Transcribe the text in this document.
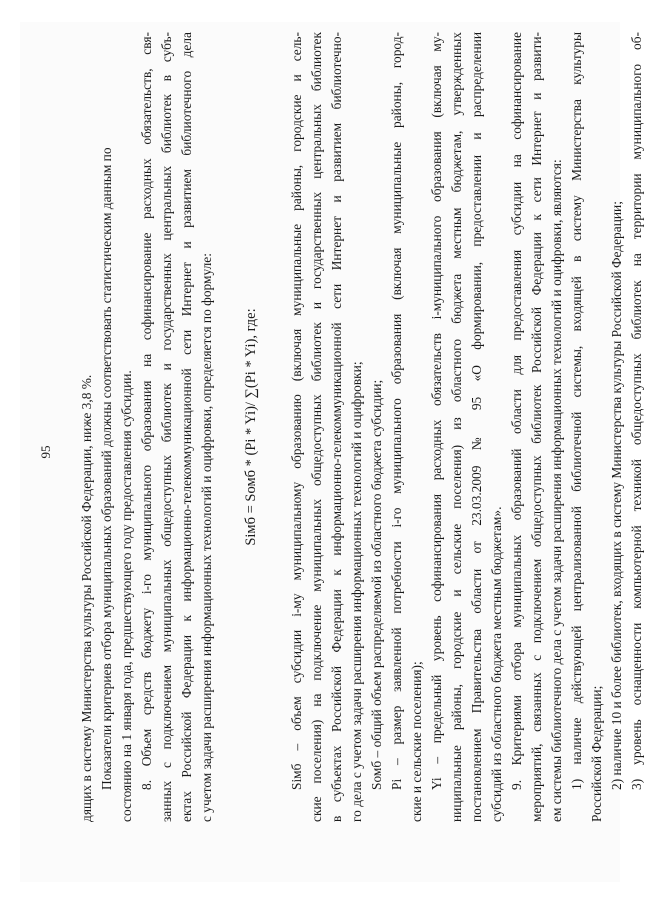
95 дящих в систему Министерства культуры Российской Федерации, ниже 3,8 %. Показатели критериев отбора муниципальных образований должны соответствовать статистическим данным по состоянию на 1 января года, предшествующего году предоставления субсидии. 8. Объем средств бюджету i-го муниципального образования на софинансирование расходных обязательств, свя- занных с подключением муниципальных общедоступных библиотек и государственных центральных библиотек в субъ- ектах Российской Федерации к информационно-телекоммуникационной сети Интернет и развитием библиотечного дела с учетом задачи расширения информационных технологий и оцифровки, определяется по формуле: Sімб = Sомб * (Pi * Yi)/ ∑(Pi * Yi), где: Sімб – объем субсидии i-му муниципальному образованию (включая муниципальные районы, городские и сель- ские поселения) на подключение муниципальных общедоступных библиотек и государственных центральных библиотек в субъектах Российской Федерации к информационно-телекоммуникационной сети Интернет и развитием библиотечно- го дела с учетом задачи расширения информационных технологий и оцифровки; Sомб – общий объем распределяемой из областного бюджета субсидии; Pi – размер заявленной потребности i-го муниципального образования (включая муниципальные районы, город- ские и сельские поселения); Yi – предельный уровень софинансирования расходных обязательств i-муниципального образования (включая му- ниципальные районы, городские и сельские поселения) из областного бюджета местным бюджетам, утвержденных постановлением Правительства области от 23.03.2009 № 95 «О формировании, предоставлении и распределении субсидий из областного бюджета местным бюджетам». 9. Критериями отбора муниципальных образований области для предоставления субсидии на софинансирование мероприятий, связанных с подключением общедоступных библиотек Российской Федерации к сети Интернет и развити- ем системы библиотечного дела с учетом задачи расширения информационных технологий и оцифровки, являются: 1) наличие действующей централизованной библиотечной системы, входящей в систему Министерства культуры Российской Федерации; 2) наличие 10 и более библиотек, входящих в систему Министерства культуры Российской Федерации; 3) уровень оснащенности компьютерной техникой общедоступных библиотек на территории муниципального об-
